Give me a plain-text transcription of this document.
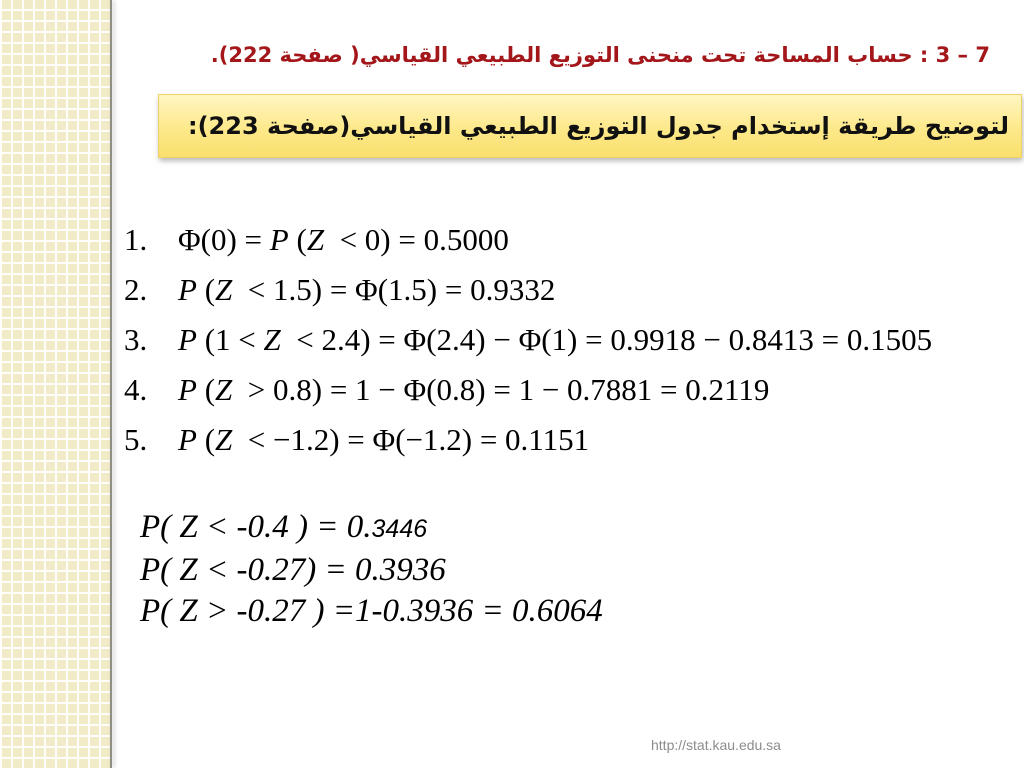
7 – 3 : حساب المساحة تحت منحنى التوزيع الطبيعي القياسي( صفحة 222).
لتوضيح طريقة إستخدام جدول التوزيع الطبيعي القياسي(صفحة 223):
1. Φ(0) = P (Z  < 0) = 0.5000
2. P (Z  < 1.5) = Φ(1.5) = 0.9332
3. P (1 < Z  < 2.4) = Φ(2.4) − Φ(1) = 0.9918 − 0.8413 = 0.1505
4. P (Z  > 0.8) = 1 − Φ(0.8) = 1 − 0.7881 = 0.2119
5. P (Z  < −1.2) = Φ(−1.2) = 0.1151
P( Z < -0.4 ) = 0.3446
P( Z < -0.27) = 0.3936
P( Z > -0.27 ) =1-0.3936 = 0.6064
http://stat.kau.edu.sa
